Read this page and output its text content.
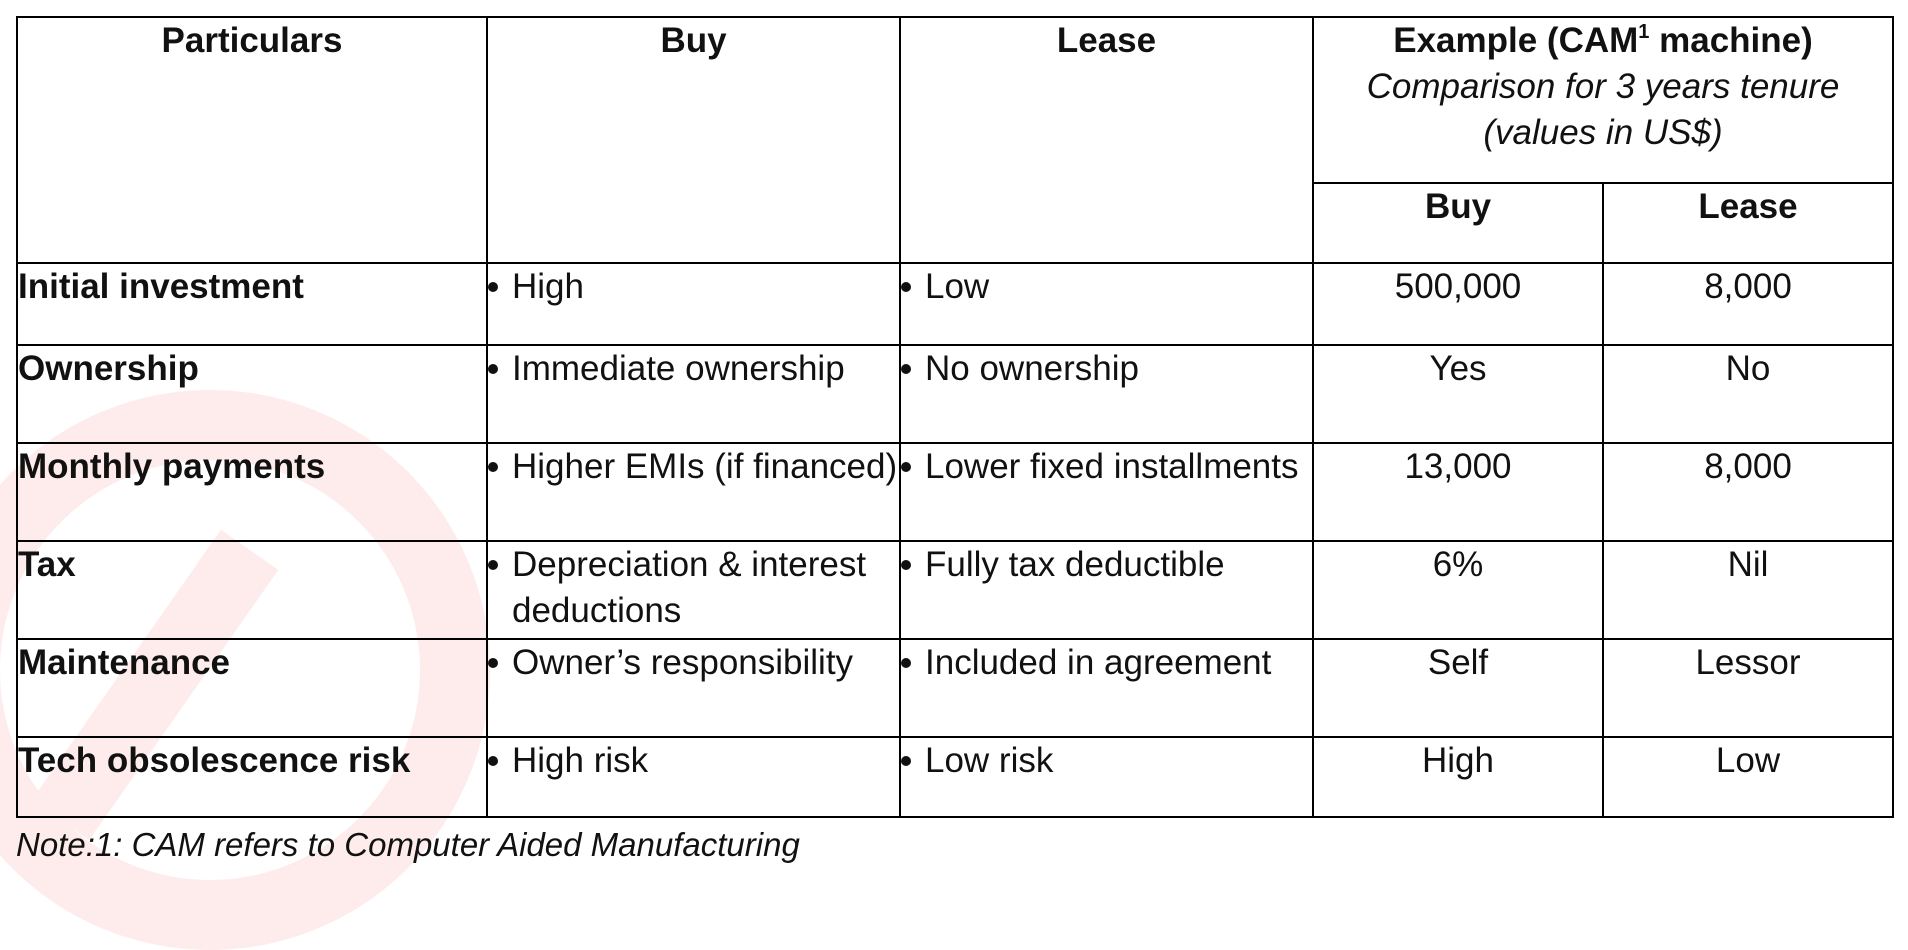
Particulars	Buy	Lease	Example (CAM$^1$ machine)
Comparison for 3 years tenure
(values in US$)	

			Buy	Lease
Initial investment	High	Low	500,000	8,000
Ownership	Immediate ownership	No ownership	Yes	No
Monthly payments	Higher EMIs (if financed)	Lower fixed installments	13,000	8,000
Tax	Depreciation & interest deductions	Fully tax deductible	6%	Nil
Maintenance	Owner’s responsibility	Included in agreement	Self	Lessor
Tech obsolescence risk	High risk	Low risk	High	Low
Note:1: CAM refers to Computer Aided Manufacturing
